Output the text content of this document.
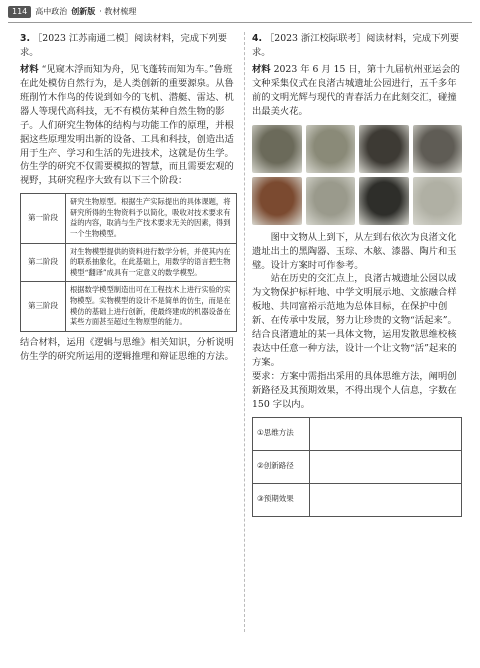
114	高中政治 创新版 · 教材梳理

3. ［2023 江苏南通二模］阅读材料，完成下列要求。

材料 “见窥木浮而知为舟，见飞蓬转而知为车。”鲁班在此处模仿自然行为，是人类创新的重要源泉。从鲁班削竹木作鸟的传说到如今的飞机、潜艇、雷达、机器人等现代高科技，无不有模仿某种自然生物的影子。人们研究生物体的结构与功能工作的原理，并根据这些原理发明出新的设备、工具和科技，创造出适用于生产、学习和生活的先进技术，这就是仿生学。仿生学的研究不仅需要模拟的智慧，而且需要宏观的视野，其研究程序大致有以下三个阶段：

第一阶段	研究生物原型。根据生产实际提出的具体课题，将研究所得的生物资料予以简化，吸收对技术要求有益的内容，取消与生产技术要求无关的因素，得到一个生物模型。
第二阶段	对生物模型提供的资料进行数学分析，并使其内在的联系抽象化，在此基础上，用数学的语言把生物模型“翻译”成具有一定意义的数学模型。
第三阶段	根据数学模型制造出可在工程技术上进行实验的实物模型。实物模型的设计不是简单的仿生，而是在模仿的基础上进行创新，使最终建成的机器设备在某些方面甚至超过生物原型的能力。

结合材料，运用《逻辑与思维》相关知识，分析说明仿生学的研究所运用的逻辑推理和辩证思维的方法。

4. ［2023 浙江校际联考］阅读材料，完成下列要求。

材料 2023 年 6 月 15 日，第十九届杭州亚运会的文种采集仪式在良渚古城遗址公园进行，五千多年前的文明光辉与现代的青春活力在此刻交汇，碰撞出最美火花。

图中文物从上到下，从左到右依次为良渚文化遗址出土的黑陶器、玉琮、木舷、漆器、陶片和玉璧。设计方案时可作参考。

站在历史的交汇点上，良渚古城遗址公园以成为文物保护标杆地、中学文明展示地、文旅融合样板地、共同富裕示范地为总体目标，在保护中创新、在传承中发展，努力让珍贵的文物“活起来”。

结合良渚遗址的某一具体文物，运用发散思维校核表达中任意一种方法，设计一个让文物“活”起来的方案。

要求：方案中需指出采用的具体思维方法，阐明创新路径及其预期效果，不得出现个人信息，字数在 150 字以内。

①思维方法	
②创新路径	
③预期效果	
